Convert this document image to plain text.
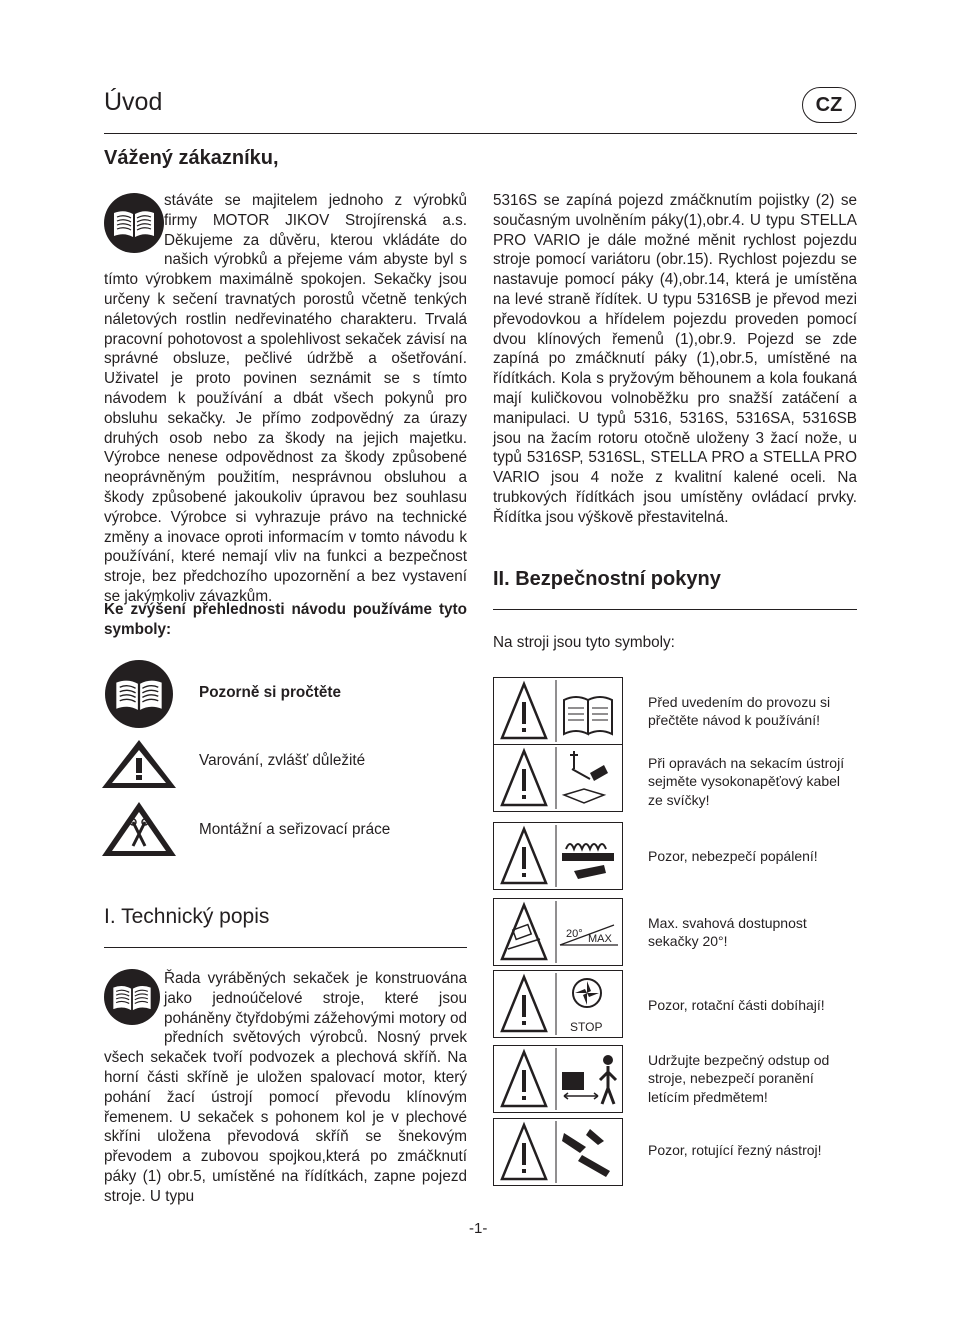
Úvod	CZ
Vážený zákazníku,
stáváte se majitelem jednoho z výrobků firmy MOTOR JIKOV Strojírenská a.s. Děkujeme za důvěru, kterou vkládáte do našich výrobků a přejeme vám abyste byl s tímto výrobkem maximálně spokojen. Sekačky jsou určeny k sečení travnatých porostů včetně tenkých náletových rostlin nedřevinatého charakteru. Trvalá pracovní pohotovost a spolehlivost sekaček závisí na správné obsluze, pečlivé údržbě a ošetřování. Uživatel je proto povinen seznámit se s tímto návodem k používání a dbát všech pokynů pro obsluhu sekačky. Je přímo zodpovědný za úrazy druhých osob nebo za škody na jejich majetku. Výrobce nenese odpovědnost za škody způsobené neoprávněným použitím, nesprávnou obsluhou a škody způsobené jakoukoliv úpravou bez souhlasu výrobce. Výrobce si vyhrazuje právo na technické změny a inovace oproti informacím v tomto návodu k používání, které nemají vliv na funkci a bezpečnost stroje, bez předchozího upozornění a bez vystavení se jakýmkoliv závazkům.
Ke zvýšení přehlednosti návodu používáme tyto symboly:
Pozorně si pročtěte
Varování, zvlášť důležité
Montážní a seřizovací práce
I. Technický popis
Řada vyráběných sekaček je konstruována jako jednoúčelové stroje, které jsou poháněny čtyřdobými zážehovými motory od předních světových výrobců. Nosný prvek všech sekaček tvoří podvozek a plechová skříň. Na horní části skříně je uložen spalovací motor, který pohání žací ústrojí pomocí převodu klínovým řemenem. U sekaček s pohonem kol je v plechové skříni uložena převodová skříň se šnekovým převodem a zubovou spojkou,která po zmáčknutí páky (1) obr.5, umístěné na řídítkách, zapne pojezd stroje. U typu
5316S se zapíná pojezd zmáčknutím pojistky (2) se současným uvolněním páky(1),obr.4. U typu STELLA PRO VARIO je dále možné měnit rychlost pojezdu stroje pomocí variátoru (obr.15). Rychlost pojezdu se nastavuje pomocí páky (4),obr.14, která je umístěna na levé straně řídítek. U typu 5316SB je převod mezi převodovkou a hřídelem pojezdu proveden pomocí dvou klínových řemenů (1),obr.9. Pojezd se zde zapíná po zmáčknutí páky (1),obr.5, umístěné na řídítkách. Kola s pryžovým běhounem a kola foukaná mají kuličkovou volnoběžku pro snažší zatáčení a manipulaci. U typů 5316, 5316S, 5316SA, 5316SB jsou na žacím rotoru otočně uloženy 3 žací nože, u typů 5316SP, 5316SL, STELLA PRO a STELLA PRO VARIO jsou 4 nože z kvalitní kalené oceli. Na trubkových řídítkách jsou umístěny ovládací prvky. Řídítka jsou výškově přestavitelná.
II. Bezpečnostní pokyny
Na stroji jsou tyto symboly:
Před uvedením do provozu si přečtěte návod k používání!
Při opravách na sekacím ústrojí sejměte vysokonapěťový kabel ze svíčky!
Pozor, nebezpečí popálení!
20° MAX
Max. svahová dostupnost sekačky 20°!
STOP
Pozor, rotační části dobíhají!
Udržujte bezpečný odstup od stroje, nebezpečí poranění letícím předmětem!
Pozor, rotující řezný nástroj!
-1-
